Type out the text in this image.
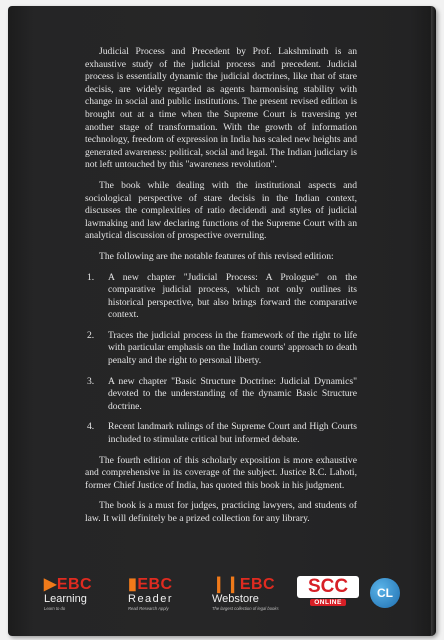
Judicial Process and Precedent by Prof. Lakshminath is an exhaustive study of the judicial process and precedent. Judicial process is essentially dynamic the judicial doctrines, like that of stare decisis, are widely regarded as agents harmonising stability with change in social and public institutions. The present revised edition is brought out at a time when the Supreme Court is traversing yet another stage of transformation. With the growth of information technology, freedom of expression in India has scaled new heights and generated awareness: political, social and legal. The Indian judiciary is not left untouched by this "awareness revolution".

The book while dealing with the institutional aspects and sociological perspective of stare decisis in the Indian context, discusses the complexities of ratio decidendi and styles of judicial lawmaking and law declaring functions of the Supreme Court with an analytical discussion of prospective overruling.

The following are the notable features of this revised edition:

1. A new chapter "Judicial Process: A Prologue" on the comparative judicial process, which not only outlines its historical perspective, but also brings forward the comparative context.
2. Traces the judicial process in the framework of the right to life with particular emphasis on the Indian courts' approach to death penalty and the right to personal liberty.
3. A new chapter "Basic Structure Doctrine: Judicial Dynamics" devoted to the understanding of the dynamic Basic Structure doctrine.
4. Recent landmark rulings of the Supreme Court and High Courts included to stimulate critical but informed debate.

The fourth edition of this scholarly exposition is more exhaustive and comprehensive in its coverage of the subject. Justice R.C. Lahoti, former Chief Justice of India, has quoted this book in his judgment.

The book is a must for judges, practicing lawyers, and students of law. It will definitely be a prized collection for any library.

▶EBC
Learning
Learn to do
▮EBC
Reader
Read Research Apply
❙❙EBC
Webstore
The largest collection of legal books
SCC
ONLINE
CL
